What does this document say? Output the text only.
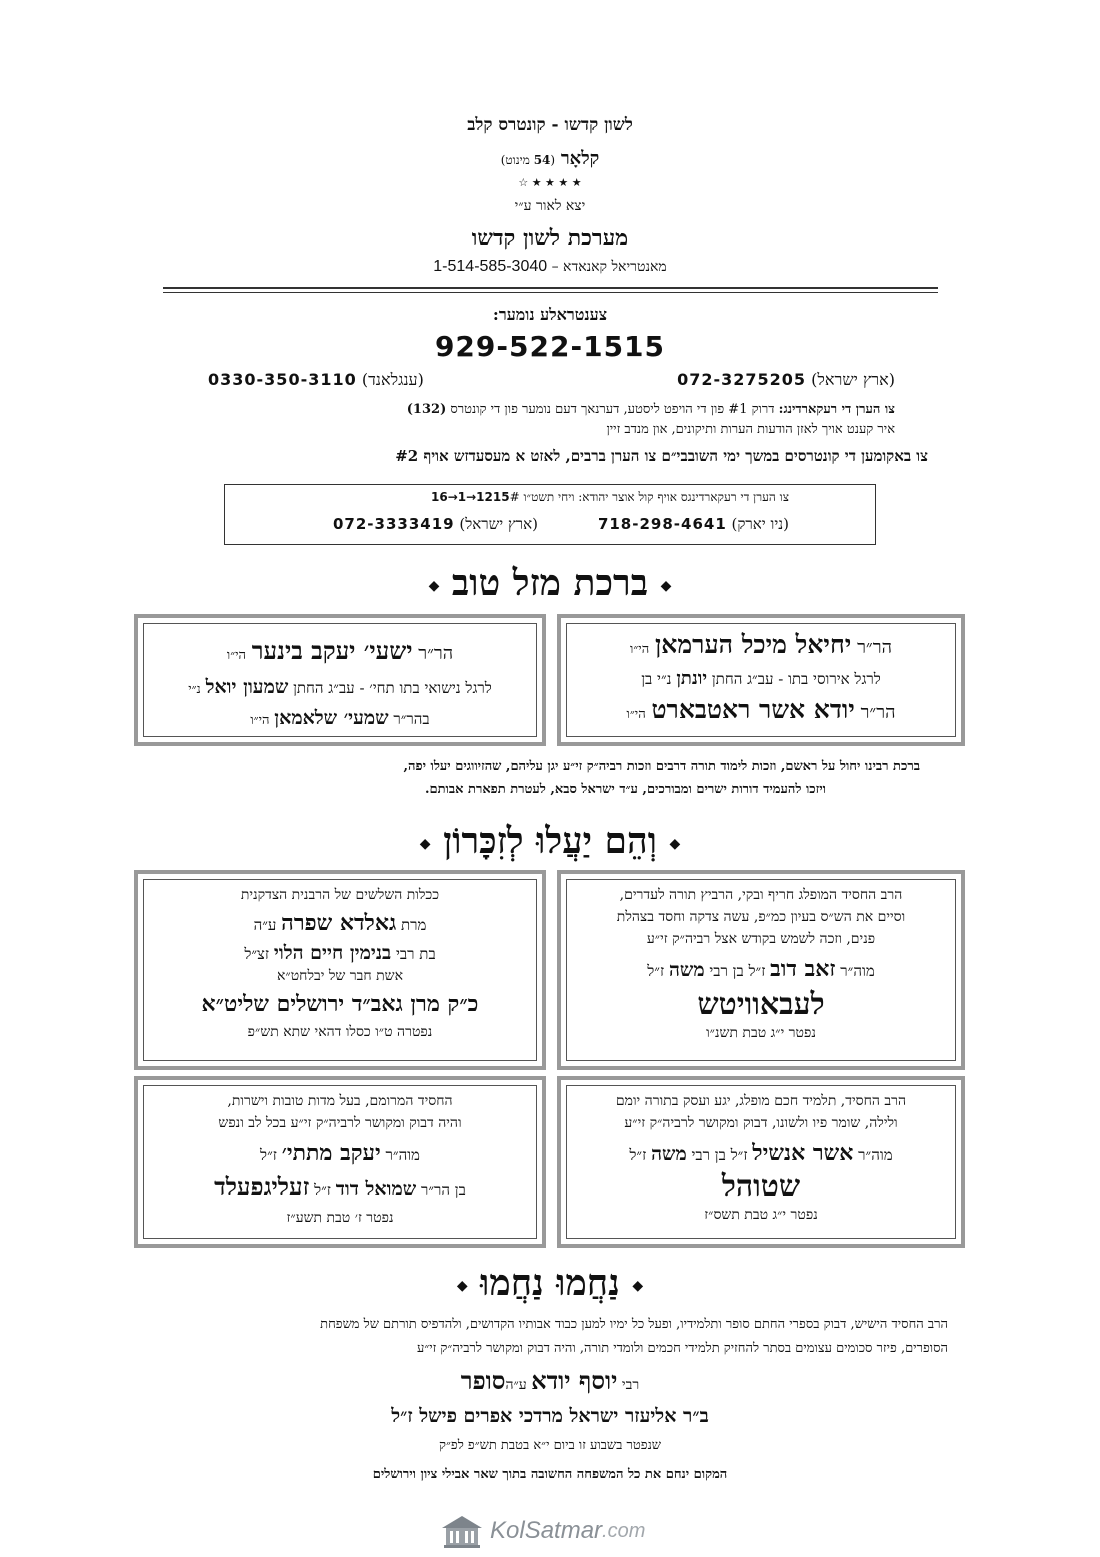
לשון קדשו - קונטרס קלב
קלאָר (54 מינוט)
★ ★ ★ ★ ☆
יצא לאור ע״י
מערכת לשון קדשו
מאנטריאל קאנאדא – 1-514-585-3040
צענטראלע נומער:
929-522-1515
(ארץ ישראל) 072-3275205
(ענגלאנד) 0330-350-3110
צו הערן די רעקארדינג: דרוק #1 פון די הויפט ליסטע, דערנאך דעם נומער פון די קונטרס (132)
איר קענט אויך לאזן הודעות הערות ותיקונים, און מנדב זיין
צו באקומען די קונטרסים במשך ימי השובבי״ם צו הערן ברבים, לאזט א מעסעדזש אויף #2
צו הערן די רעקארדינגס אויף קול אוצר יהודא: ויחי תשט״ו #16→1→1215
(ניו יארק) 718-298-4641
(ארץ ישראל) 072-3333419
◆ ברכת מזל טוב ◆
הר״ר יחיאל מיכל הערמאן הי״ו
לרגל אירוסי בתו - עב״ג החתן יונתן נ״י בן
הר״ר יודא אשר ראטבארט הי״ו
הר״ר ישעי׳ יעקב בינער הי״ו
לרגל נישואי בתו תחי׳ - עב״ג החתן שמעון יואל נ״י
בהר״ר שמעי׳ שלאמאן הי״ו
ברכת רבינו יחול על ראשם, וזכות לימוד תורה דרבים וזכות רביה״ק זי״ע יגן עליהם, שהזיווגים יעלו יפה,
ויזכו להעמיד דורות ישרים ומבורכים, ע״ד ישראל סבא, לעטרת תפארת אבותם.
◆ וְהֵם יַעֲלוּ לְזִכָּרוֹן ◆
הרב החסיד המופלג חריף ובקי, הרביץ תורה לעדרים,
וסיים את הש״ס בעיון כמ״פ, עשה צדקה וחסד בצהלת
פנים, וזכה לשמש בקודש אצל רביה״ק זי״ע
מוה״ר זאב דוב ז״ל בן רבי משה ז״ל
לעבאוויטש
נפטר י״ג טבת תשנ״ו
ככלות השלשים של הרבנית הצדקנית
מרת גאלדא שפרה ע״ה
בת רבי בנימין חיים הלוי זצ״ל
אשת חבר של יבלחט״א
כ״ק מרן גאב״ד ירושלים שליט״א
נפטרה ט״ו כסלו דהאי שתא תש״פ
הרב החסיד, תלמיד חכם מופלג, יגע ועסק בתורה יומם
ולילה, שומר פיו ולשונו, דבוק ומקושר לרביה״ק זי״ע
מוה״ר אשר אנשיל ז״ל בן רבי משה ז״ל
שטוהל
נפטר י״ג טבת תשס״ז
החסיד המרומם, בעל מדות טובות וישרות,
והיה דבוק ומקושר לרביה״ק זי״ע בכל לב ונפש
מוה״ר יעקב מתתי׳ ז״ל
בן הר״ר שמואל דוד ז״ל זעליגפעלד
נפטר ז׳ טבת תשע״ז
◆ נַחֲמוּ נַחֲמוּ ◆
הרב החסיד הישיש, דבוק בספרי החתם סופר ותלמידיו, ופעל כל ימיו למען כבוד אבותיו הקדושים, ולהדפיס תורתם של משפחת
הסופרים, פיזר סכומים עצומים בסתר להחזיק תלמידי חכמים ולומדי תורה, והיה דבוק ומקושר לרביה״ק זי״ע
רבי יוסף יודא ע״הסופר
ב״ר אליעזר ישראל מרדכי אפרים פישל ז״ל
שנפטר בשבוע זו ביום י״א בטבת תש״פ לפ״ק
המקום ינחם את כל המשפחה החשובה בתוך שאר אבילי ציון וירושלים
KolSatmar .com
